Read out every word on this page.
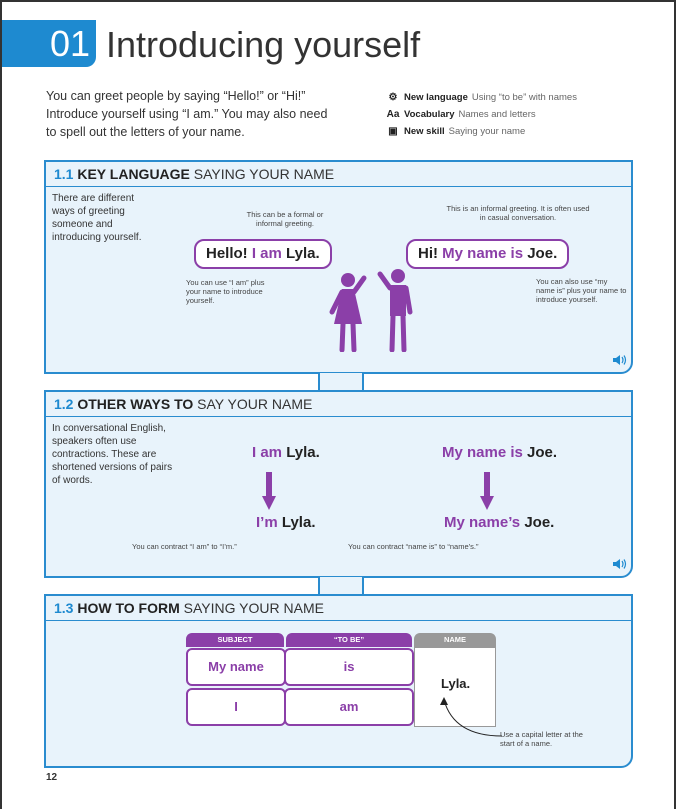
01 Introducing yourself
You can greet people by saying “Hello!” or “Hi!” Introduce yourself using “I am.” You may also need to spell out the letters of your name.
⚙ New language Using “to be” with names
Aa Vocabulary Names and letters
▣ New skill Saying your name
1.1 KEY LANGUAGE SAYING YOUR NAME
There are different ways of greeting someone and introducing yourself.
This can be a formal or informal greeting.
Hello! I am Lyla.
You can use “I am” plus your name to introduce yourself.
This is an informal greeting. It is often used in casual conversation.
Hi! My name is Joe.
You can also use “my name is” plus your name to introduce yourself.
1.2 OTHER WAYS TO SAY YOUR NAME
In conversational English, speakers often use contractions. These are shortened versions of pairs of words.
I am Lyla.
I’m Lyla.
You can contract “I am” to “I’m.”
My name is Joe.
My name’s Joe.
You can contract “name is” to “name’s.”
1.3 HOW TO FORM SAYING YOUR NAME
SUBJECT	“TO BE”	NAME
My name	is
I	am
Lyla.
Use a capital letter at the start of a name.
12
